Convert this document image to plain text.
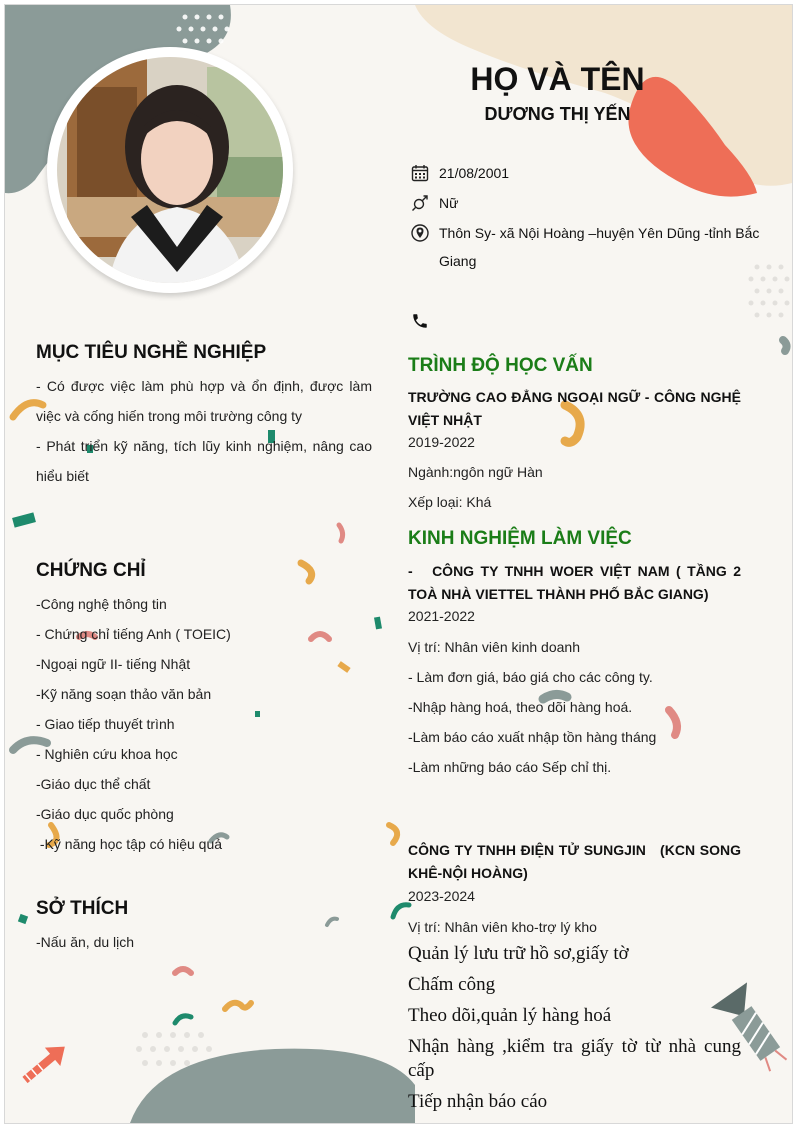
HỌ VÀ TÊN
DƯƠNG THỊ YẾN
21/08/2001
Nữ
Thôn Sy- xã Nội Hoàng –huyện Yên Dũng -tỉnh Bắc Giang
MỤC TIÊU NGHỀ NGHIỆP
- Có được việc làm phù hợp và ổn định, được làm việc và cống hiến trong môi trường công ty
- Phát triển kỹ năng, tích lũy kinh nghiệm, nâng cao hiểu biết
CHỨNG CHỈ
-Công nghệ thông tin
- Chứng chỉ tiếng Anh ( TOEIC)
-Ngoại ngữ II- tiếng Nhật
-Kỹ năng soạn thảo văn bản
- Giao tiếp thuyết trình
- Nghiên cứu khoa học
-Giáo dục thể chất
-Giáo dục quốc phòng
-Kỹ năng học tập có hiệu quả
SỞ THÍCH
-Nấu ăn, du lịch
TRÌNH ĐỘ HỌC VẤN
TRƯỜNG CAO ĐẲNG NGOẠI NGỮ - CÔNG NGHỆ VIỆT NHẬT
2019-2022
Ngành:ngôn ngữ Hàn
Xếp loại: Khá
KINH NGHIỆM LÀM VIỆC
-   CÔNG TY TNHH WOER VIỆT NAM ( TẦNG 2 TOÀ NHÀ VIETTEL THÀNH PHỐ BẮC GIANG)
2021-2022
Vị trí: Nhân viên kinh doanh
- Làm đơn giá, báo giá cho các công ty.
-Nhập hàng hoá, theo dõi hàng hoá.
-Làm báo cáo xuất nhập tồn hàng tháng
-Làm những báo cáo Sếp chỉ thị.
CÔNG TY TNHH ĐIỆN TỬ SUNGJIN   (KCN SONG KHÊ-NỘI HOÀNG)
2023-2024
Vị trí: Nhân viên kho-trợ lý kho
Quản lý lưu trữ hồ sơ,giấy tờ
Chấm công
Theo dõi,quản lý hàng hoá
Nhận hàng ,kiểm tra giấy tờ từ nhà cung cấp
Tiếp nhận báo cáo
